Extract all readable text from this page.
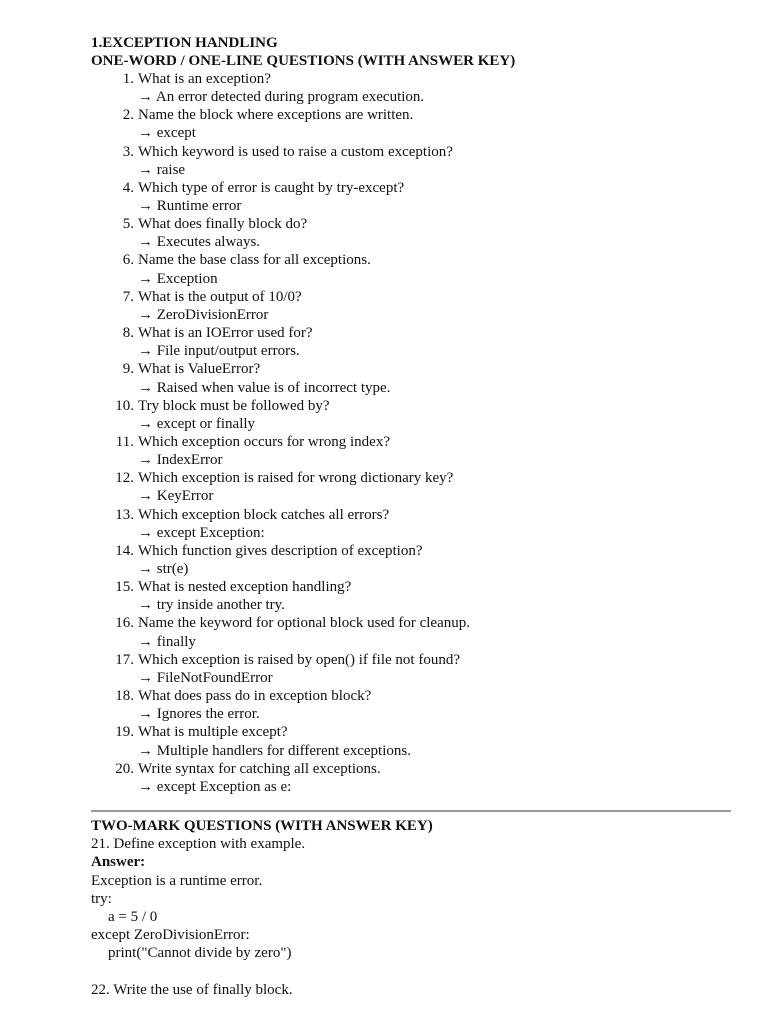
1.EXCEPTION HANDLING
ONE-WORD / ONE-LINE QUESTIONS (WITH ANSWER KEY)
1. What is an exception?
→ An error detected during program execution.
2. Name the block where exceptions are written.
→ except
3. Which keyword is used to raise a custom exception?
→ raise
4. Which type of error is caught by try-except?
→ Runtime error
5. What does finally block do?
→ Executes always.
6. Name the base class for all exceptions.
→ Exception
7. What is the output of 10/0?
→ ZeroDivisionError
8. What is an IOError used for?
→ File input/output errors.
9. What is ValueError?
→ Raised when value is of incorrect type.
10. Try block must be followed by?
→ except or finally
11. Which exception occurs for wrong index?
→ IndexError
12. Which exception is raised for wrong dictionary key?
→ KeyError
13. Which exception block catches all errors?
→ except Exception:
14. Which function gives description of exception?
→ str(e)
15. What is nested exception handling?
→ try inside another try.
16. Name the keyword for optional block used for cleanup.
→ finally
17. Which exception is raised by open() if file not found?
→ FileNotFoundError
18. What does pass do in exception block?
→ Ignores the error.
19. What is multiple except?
→ Multiple handlers for different exceptions.
20. Write syntax for catching all exceptions.
→ except Exception as e:
TWO-MARK QUESTIONS (WITH ANSWER KEY)
21. Define exception with example.
Answer:
Exception is a runtime error.
try:
a = 5 / 0
except ZeroDivisionError:
print("Cannot divide by zero")
22. Write the use of finally block.
